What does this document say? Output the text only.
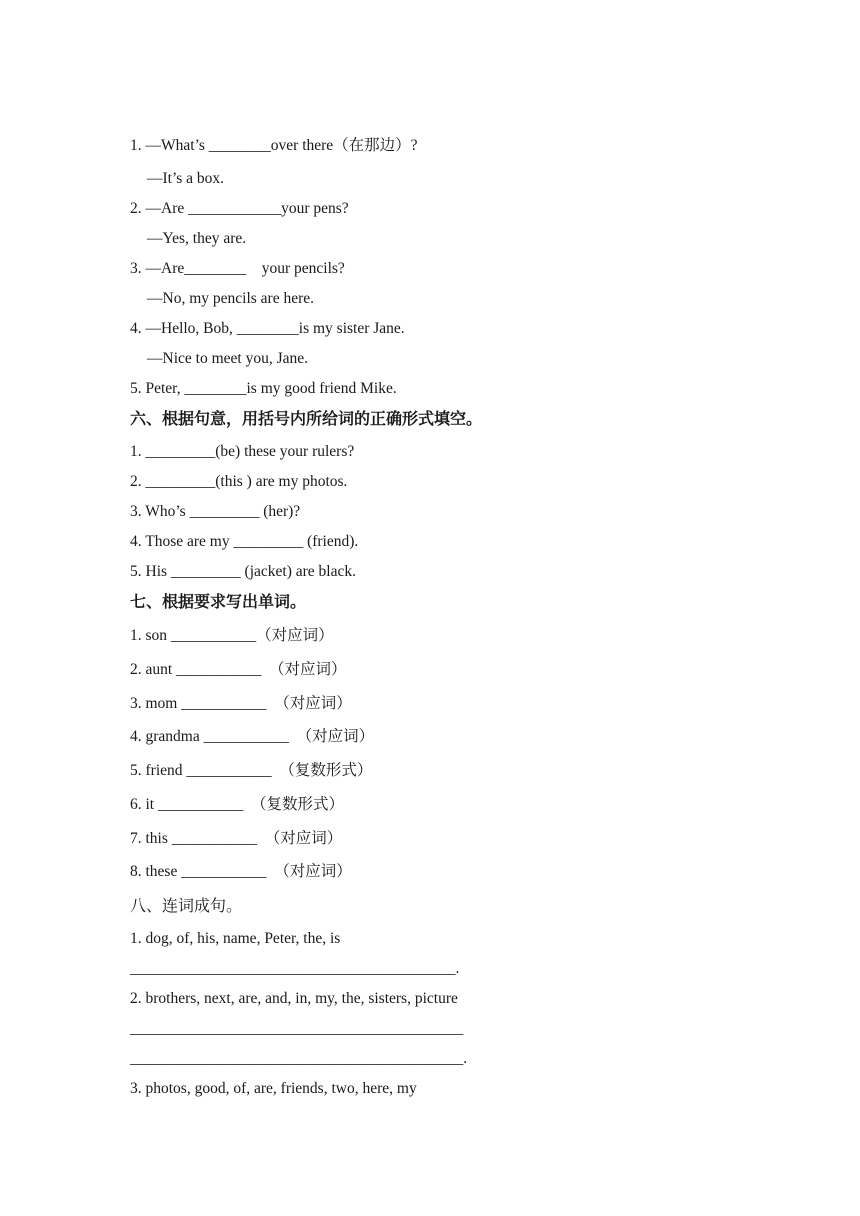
1. —What’s ________over there（在那边）?
—It’s a box.
2. —Are ____________your pens?
—Yes, they are.
3. —Are________    your pencils?
—No, my pencils are here.
4. —Hello, Bob, ________is my sister Jane.
—Nice to meet you, Jane.
5. Peter, ________is my good friend Mike.
六、根据句意，用括号内所给词的正确形式填空。
1. _________(be) these your rulers?
2. _________(this ) are my photos.
3. Who’s _________ (her)?
4. Those are my _________ (friend).
5. His _________ (jacket) are black.
七、根据要求写出单词。
1. son ___________（对应词）
2. aunt ___________  （对应词）
3. mom ___________  （对应词）
4. grandma ___________  （对应词）
5. friend ___________  （复数形式）
6. it ___________  （复数形式）
7. this ___________  （对应词）
8. these ___________  （对应词）
八、连词成句。
1. dog, of, his, name, Peter, the, is
__________________________________________.
2. brothers, next, are, and, in, my, the, sisters, picture
___________________________________________
___________________________________________.
3. photos, good, of, are, friends, two, here, my
